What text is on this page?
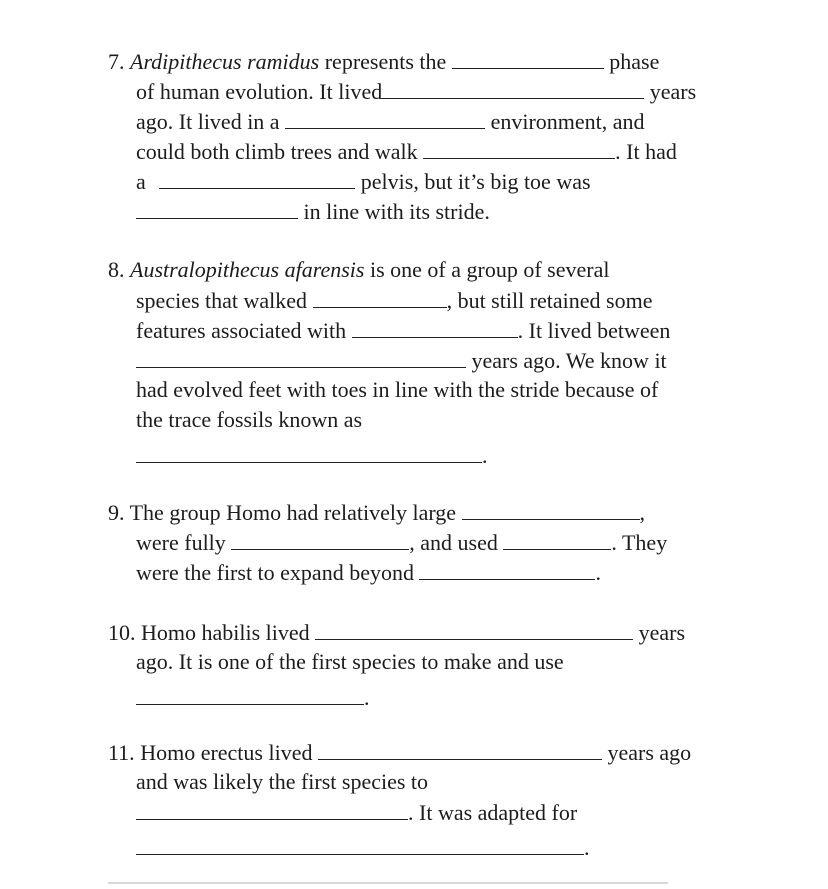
7. Ardipithecus ramidus represents the	phase
of human evolution. It lived	years
ago. It lived in a	environment, and
could both climb trees and walk	. It had
a	pelvis, but it’s big toe was
in line with its stride.
8. Australopithecus afarensis is one of a group of several
species that walked	, but still retained some
features associated with	. It lived between
years ago. We know it
had evolved feet with toes in line with the stride because of
the trace fossils known as
.
9. The group Homo had relatively large	,
were fully	, and used	. They
were the first to expand beyond	.
10. Homo habilis lived	years
ago. It is one of the first species to make and use
.
11. Homo erectus lived	years ago
and was likely the first species to
. It was adapted for
.
